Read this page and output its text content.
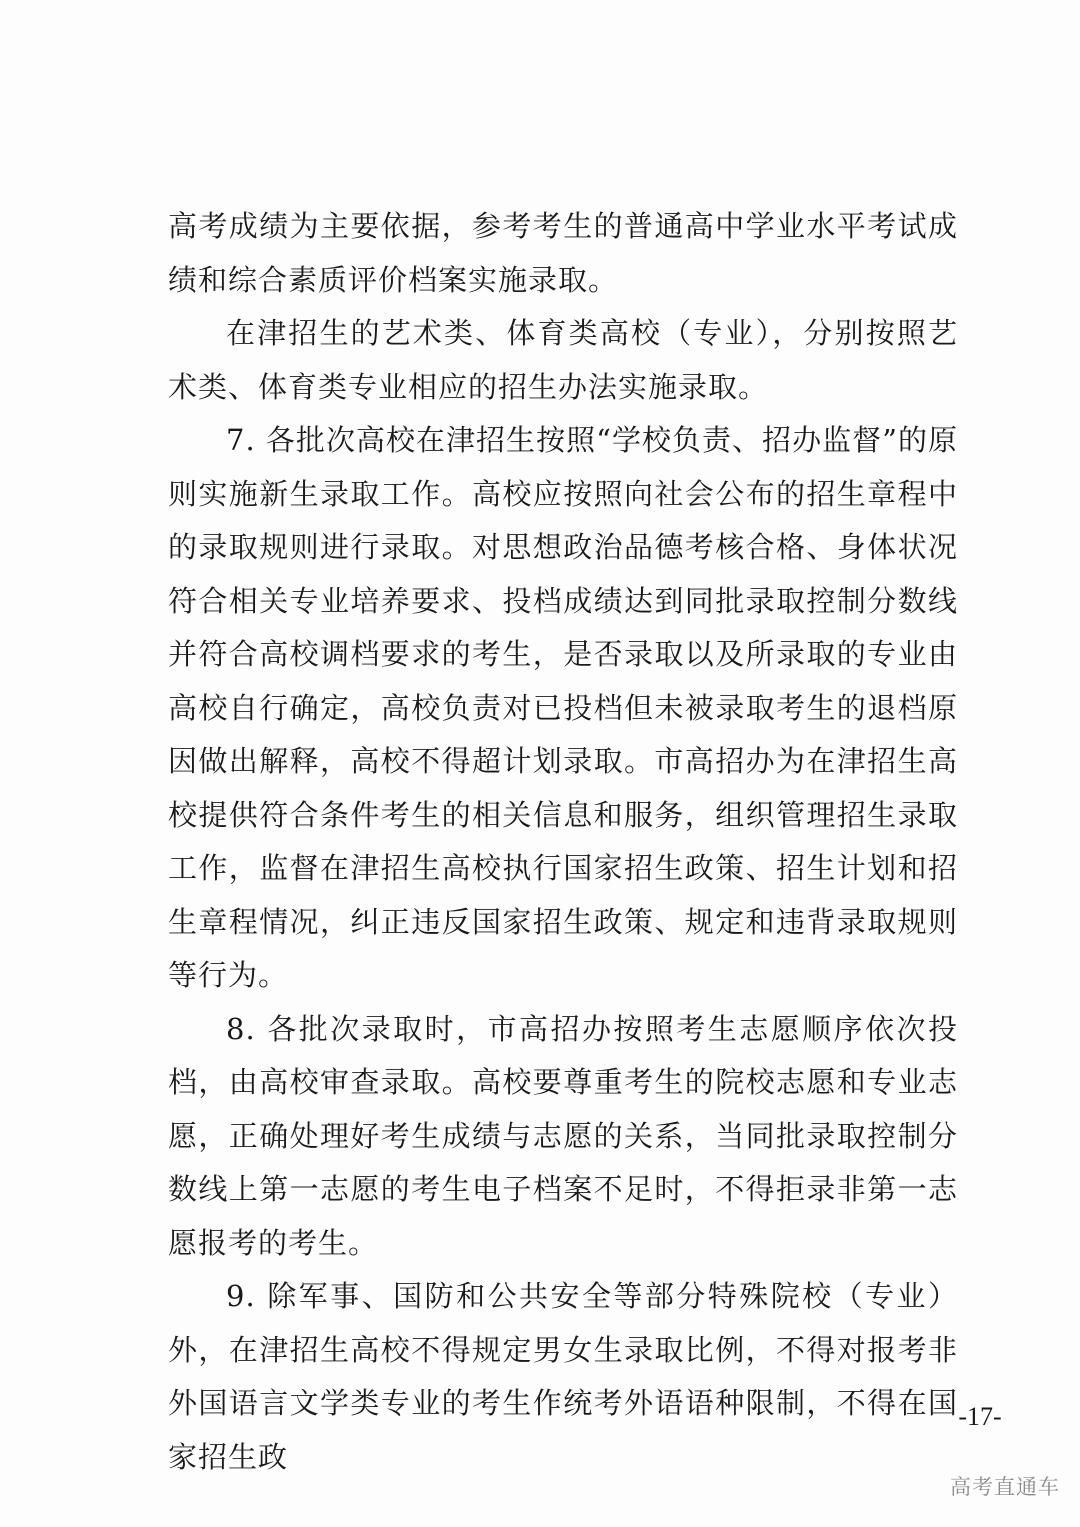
高考成绩为主要依据，参考考生的普通高中学业水平考试成绩和综合素质评价档案实施录取。

在津招生的艺术类、体育类高校（专业），分别按照艺术类、体育类专业相应的招生办法实施录取。

7. 各批次高校在津招生按照“学校负责、招办监督”的原则实施新生录取工作。高校应按照向社会公布的招生章程中的录取规则进行录取。对思想政治品德考核合格、身体状况符合相关专业培养要求、投档成绩达到同批录取控制分数线并符合高校调档要求的考生，是否录取以及所录取的专业由高校自行确定，高校负责对已投档但未被录取考生的退档原因做出解释，高校不得超计划录取。市高招办为在津招生高校提供符合条件考生的相关信息和服务，组织管理招生录取工作，监督在津招生高校执行国家招生政策、招生计划和招生章程情况，纠正违反国家招生政策、规定和违背录取规则等行为。

8. 各批次录取时，市高招办按照考生志愿顺序依次投档，由高校审查录取。高校要尊重考生的院校志愿和专业志愿，正确处理好考生成绩与志愿的关系，当同批录取控制分数线上第一志愿的考生电子档案不足时，不得拒录非第一志愿报考的考生。

9. 除军事、国防和公共安全等部分特殊院校（专业）外，在津招生高校不得规定男女生录取比例，不得对报考非外国语言文学类专业的考生作统考外语语种限制，不得在国家招生政

-17-
高考直通车
